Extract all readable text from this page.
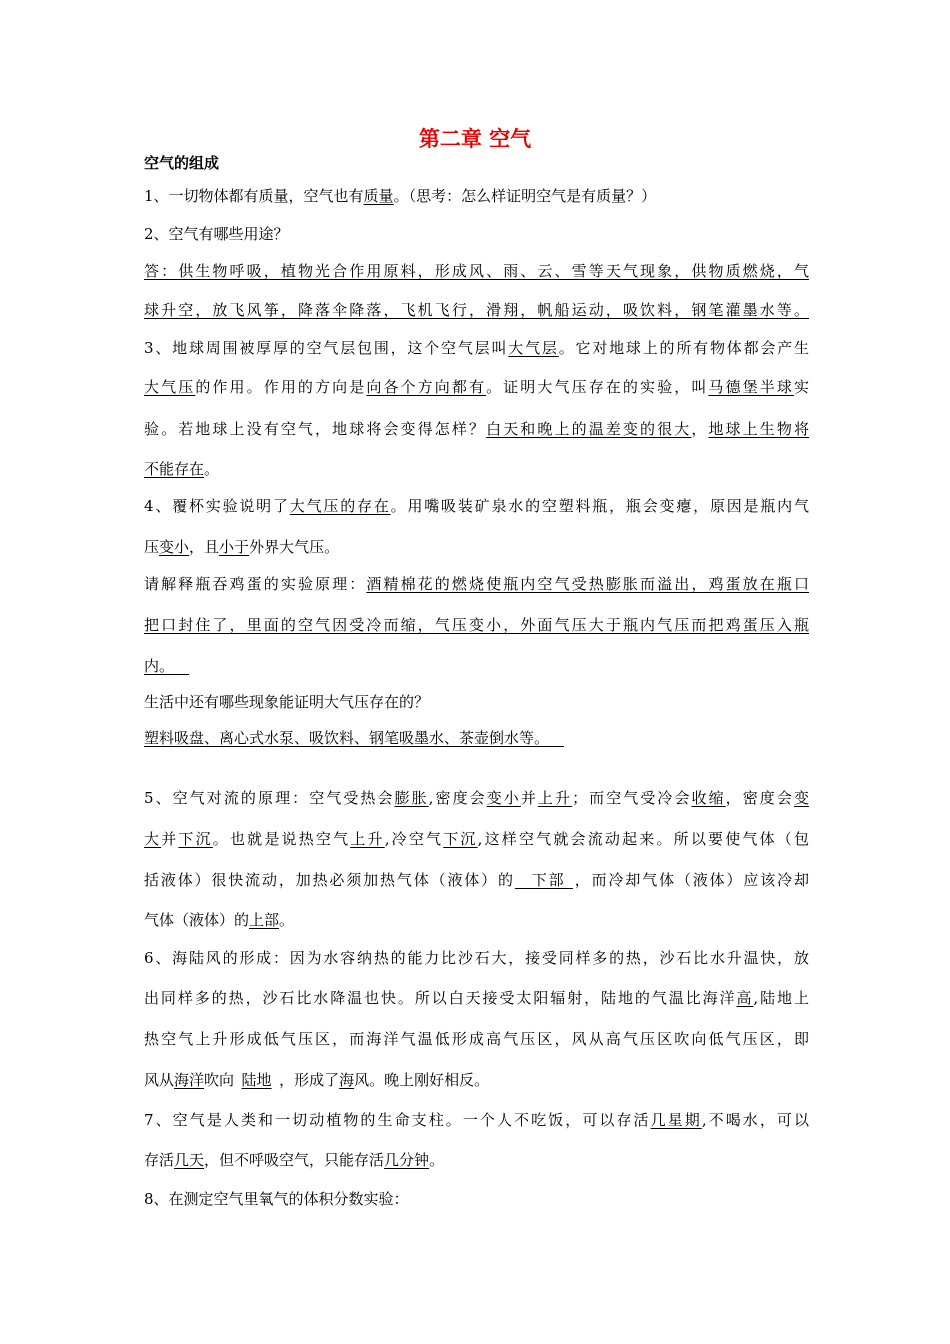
第二章 空气
空气的组成
1、一切物体都有质量，空气也有质量。（思考：怎么样证明空气是有质量？）
2、空气有哪些用途？
答：供生物呼吸，植物光合作用原料，形成风、雨、云、雪等天气现象，供物质燃烧，气
球升空，放飞风筝，降落伞降落，飞机飞行，滑翔，帆船运动，吸饮料，钢笔灌墨水等。
3、地球周围被厚厚的空气层包围，这个空气层叫大气层。它对地球上的所有物体都会产生
大气压的作用。作用的方向是向各个方向都有。证明大气压存在的实验，叫马德堡半球实
验。若地球上没有空气，地球将会变得怎样？白天和晚上的温差变的很大，地球上生物将
不能存在。
4、覆杯实验说明了大气压的存在。用嘴吸装矿泉水的空塑料瓶，瓶会变瘪，原因是瓶内气
压变小，且小于外界大气压。
请解释瓶吞鸡蛋的实验原理：酒精棉花的燃烧使瓶内空气受热膨胀而溢出，鸡蛋放在瓶口
把口封住了，里面的空气因受冷而缩，气压变小，外面气压大于瓶内气压而把鸡蛋压入瓶
内。 
生活中还有哪些现象能证明大气压存在的？
塑料吸盘、离心式水泵、吸饮料、钢笔吸墨水、茶壶倒水等。 
5、空气对流的原理：空气受热会膨胀,密度会变小并上升；而空气受冷会收缩，密度会变
大并下沉。也就是说热空气上升,冷空气下沉,这样空气就会流动起来。所以要使气体（包
括液体）很快流动，加热必须加热气体（液体）的  下部 ，而冷却气体（液体）应该冷却
气体（液体）的上部。
6、海陆风的形成：因为水容纳热的能力比沙石大，接受同样多的热，沙石比水升温快，放
出同样多的热，沙石比水降温也快。所以白天接受太阳辐射，陆地的气温比海洋高,陆地上
热空气上升形成低气压区，而海洋气温低形成高气压区，风从高气压区吹向低气压区，即
风从海洋吹向 陆地 ，形成了海风。晚上刚好相反。
7、空气是人类和一切动植物的生命支柱。一个人不吃饭，可以存活几星期,不喝水，可以
存活几天，但不呼吸空气，只能存活几分钟。
8、在测定空气里氧气的体积分数实验：
